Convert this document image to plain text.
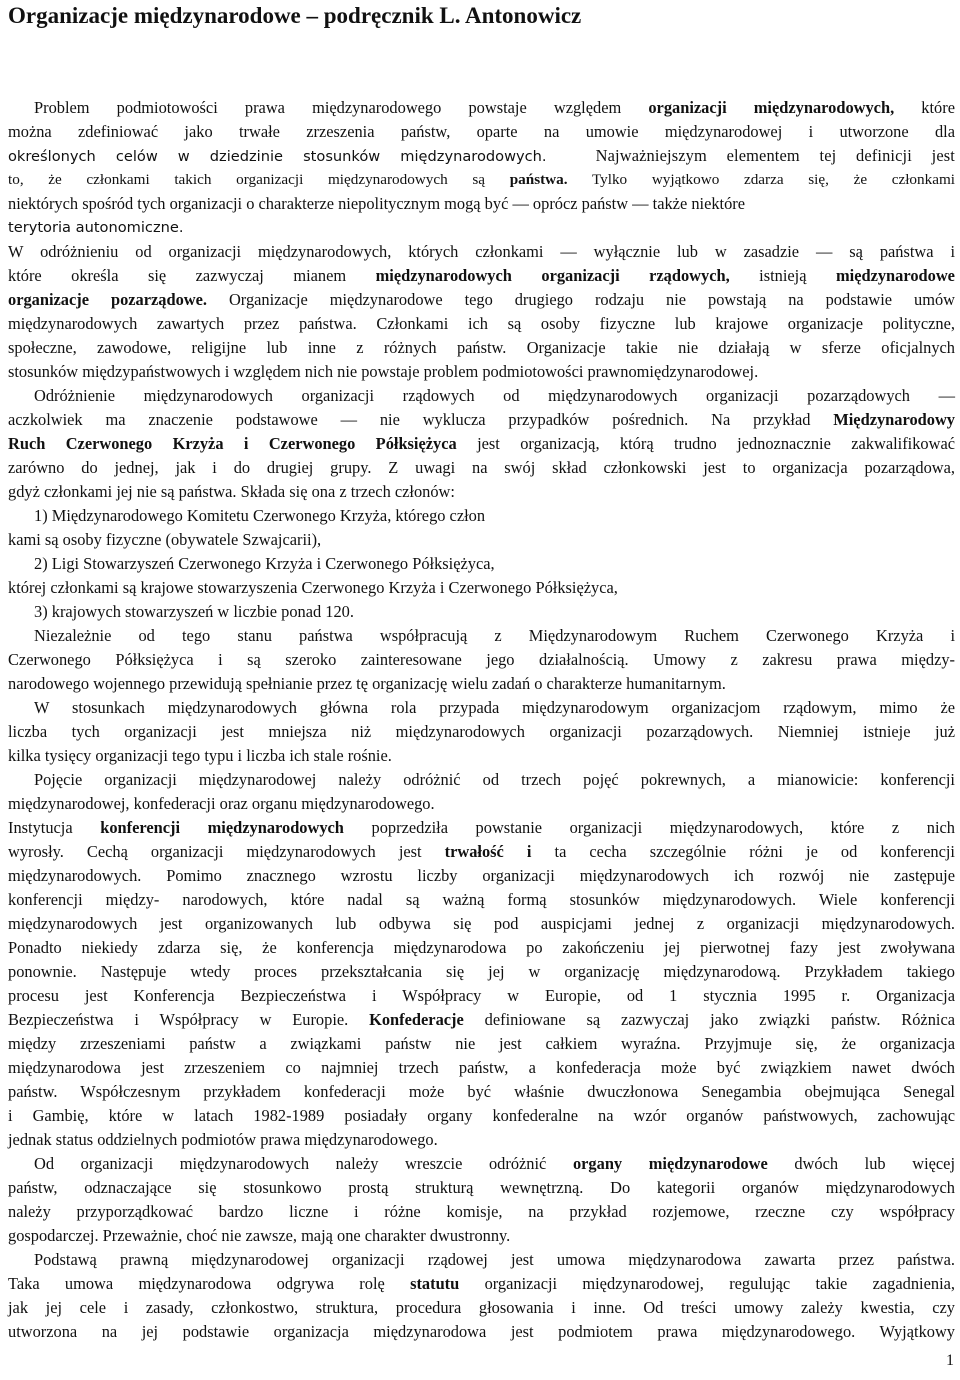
Organizacje międzynarodowe – podręcznik L. Antonowicz
Problem podmiotowości prawa międzynarodowego powstaje względem organizacji międzynarodowych, które
można zdefiniować jako trwałe zrzeszenia państw, oparte na umowie międzynarodowej i utworzone dla
określonych celów w dziedzinie stosunków międzynarodowych.	Najważniejszym elementem tej definicji jest
to, że członkami takich organizacji międzynarodowych są państwa. Tylko wyjątkowo zdarza się, że członkami
niektórych spośród tych organizacji o charakterze niepolitycznym mogą być — oprócz państw — także niektóre
terytoria autonomiczne.
W odróżnieniu od organizacji międzynarodowych, których członkami — wyłącznie lub w zasadzie — są państwa i
które określa się zazwyczaj mianem międzynarodowych organizacji rządowych, istnieją międzynarodowe
organizacje pozarządowe. Organizacje międzynarodowe tego drugiego rodzaju nie powstają na podstawie umów
międzynarodowych zawartych przez państwa. Członkami ich są osoby fizyczne lub krajowe organizacje polityczne,
społeczne, zawodowe, religijne lub inne z różnych państw. Organizacje takie nie działają w sferze oficjalnych
stosunków międzypaństwowych i względem nich nie powstaje problem podmiotowości prawnomiędzynarodowej.
Odróżnienie międzynarodowych organizacji rządowych od międzynarodowych organizacji pozarządowych —
aczkolwiek ma znaczenie podstawowe — nie wyklucza przypadków pośrednich. Na przykład Międzynarodowy
Ruch Czerwonego Krzyża i Czerwonego Półksiężyca jest organizacją, którą trudno jednoznacznie zakwalifikować
zarówno do jednej, jak i do drugiej grupy. Z uwagi na swój skład członkowski jest to organizacja pozarządowa,
gdyż członkami jej nie są państwa. Składa się ona z trzech członów:
1) Międzynarodowego Komitetu Czerwonego Krzyża, którego człon
kami są osoby fizyczne (obywatele Szwajcarii),
2) Ligi Stowarzyszeń Czerwonego Krzyża i Czerwonego Półksiężyca,
której członkami są krajowe stowarzyszenia Czerwonego Krzyża i Czerwonego Półksiężyca,
3) krajowych stowarzyszeń w liczbie ponad 120.
Niezależnie od tego stanu państwa współpracują z Międzynarodowym Ruchem Czerwonego Krzyża i
Czerwonego Półksiężyca i są szeroko zainteresowane jego działalnością. Umowy z zakresu prawa między-
narodowego wojennego przewidują spełnianie przez tę organizację wielu zadań o charakterze humanitarnym.
W stosunkach międzynarodowych główna rola przypada międzynarodowym organizacjom rządowym, mimo że
liczba tych organizacji jest mniejsza niż międzynarodowych organizacji pozarządowych. Niemniej istnieje już
kilka tysięcy organizacji tego typu i liczba ich stale rośnie.
Pojęcie organizacji międzynarodowej należy odróżnić od trzech pojęć pokrewnych, a mianowicie: konferencji
międzynarodowej, konfederacji oraz organu międzynarodowego.
Instytucja konferencji międzynarodowych poprzedziła powstanie organizacji międzynarodowych, które z nich
wyrosły. Cechą organizacji międzynarodowych jest trwałość i ta cecha szczególnie różni je od konferencji
międzynarodowych. Pomimo znacznego wzrostu liczby organizacji międzynarodowych ich rozwój nie zastępuje
konferencji między- narodowych, które nadal są ważną formą stosunków międzynarodowych. Wiele konferencji
międzynarodowych jest organizowanych lub odbywa się pod auspicjami jednej z organizacji międzynarodowych.
Ponadto niekiedy zdarza się, że konferencja międzynarodowa po zakończeniu jej pierwotnej fazy jest zwoływana
ponownie. Następuje wtedy proces przekształcania się jej w organizację międzynarodową. Przykładem takiego
procesu jest Konferencja Bezpieczeństwa i Współpracy w Europie, od 1 stycznia 1995 r. Organizacja
Bezpieczeństwa i Współpracy w Europie. Konfederacje definiowane są zazwyczaj jako związki państw. Różnica
między zrzeszeniami państw a związkami państw nie jest całkiem wyraźna. Przyjmuje się, że organizacja
międzynarodowa jest zrzeszeniem co najmniej trzech państw, a konfederacja może być związkiem nawet dwóch
państw. Współczesnym przykładem konfederacji może być właśnie dwuczłonowa Senegambia obejmująca Senegal
i Gambię, które w latach 1982-1989 posiadały organy konfederalne na wzór organów państwowych, zachowując
jednak status oddzielnych podmiotów prawa międzynarodowego.
Od organizacji międzynarodowych należy wreszcie odróżnić organy międzynarodowe dwóch lub więcej
państw, odznaczające się stosunkowo prostą strukturą wewnętrzną. Do kategorii organów międzynarodowych
należy przyporządkować bardzo liczne i różne komisje, na przykład rozjemowe, rzeczne czy współpracy
gospodarczej. Przeważnie, choć nie zawsze, mają one charakter dwustronny.
Podstawą prawną międzynarodowej organizacji rządowej jest umowa międzynarodowa zawarta przez państwa.
Taka umowa międzynarodowa odgrywa rolę statutu organizacji międzynarodowej, regulując takie zagadnienia,
jak jej cele i zasady, członkostwo, struktura, procedura głosowania i inne. Od treści umowy zależy kwestia, czy
utworzona na jej podstawie organizacja międzynarodowa jest podmiotem prawa międzynarodowego. Wyjątkowy
1
